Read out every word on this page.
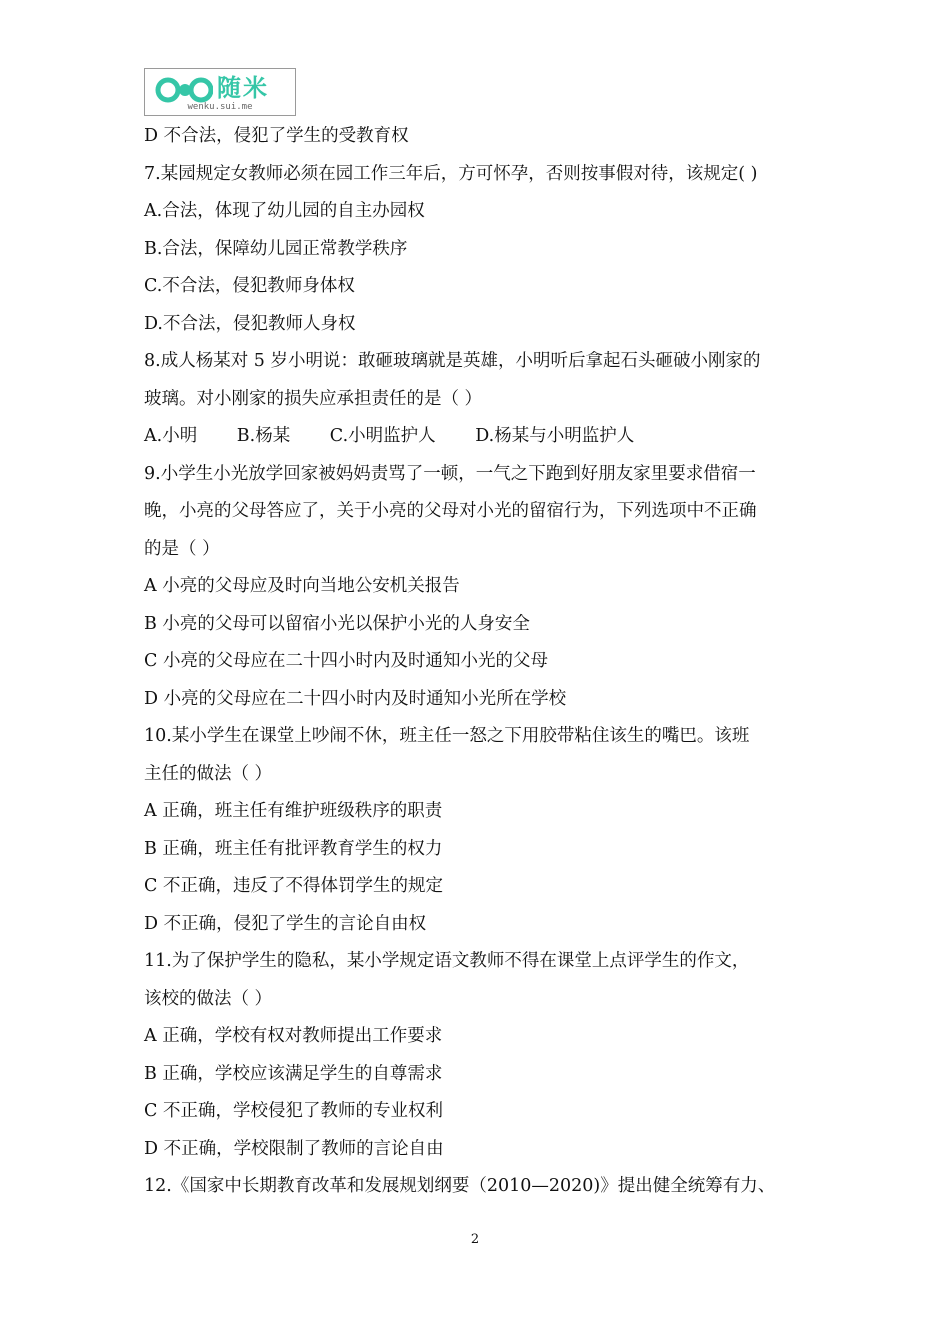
随米
wenku.sui.me
D 不合法，侵犯了学生的受教育权
7.某园规定女教师必须在园工作三年后，方可怀孕，否则按事假对待，该规定( )
A.合法，体现了幼儿园的自主办园权
B.合法，保障幼儿园正常教学秩序
C.不合法，侵犯教师身体权
D.不合法，侵犯教师人身权
8.成人杨某对 5 岁小明说：敢砸玻璃就是英雄，小明听后拿起石头砸破小刚家的
玻璃。对小刚家的损失应承担责任的是（ ）
A.小明 B.杨某 C.小明监护人 D.杨某与小明监护人
9.小学生小光放学回家被妈妈责骂了一顿，一气之下跑到好朋友家里要求借宿一
晚，小亮的父母答应了，关于小亮的父母对小光的留宿行为，下列选项中不正确
的是（ ）
A 小亮的父母应及时向当地公安机关报告
B 小亮的父母可以留宿小光以保护小光的人身安全
C 小亮的父母应在二十四小时内及时通知小光的父母
D 小亮的父母应在二十四小时内及时通知小光所在学校
10.某小学生在课堂上吵闹不休，班主任一怒之下用胶带粘住该生的嘴巴。该班
主任的做法（ ）
A 正确，班主任有维护班级秩序的职责
B 正确，班主任有批评教育学生的权力
C 不正确，违反了不得体罚学生的规定
D 不正确，侵犯了学生的言论自由权
11.为了保护学生的隐私，某小学规定语文教师不得在课堂上点评学生的作文，
该校的做法（ ）
A 正确，学校有权对教师提出工作要求
B 正确，学校应该满足学生的自尊需求
C 不正确，学校侵犯了教师的专业权利
D 不正确，学校限制了教师的言论自由
12.《国家中长期教育改革和发展规划纲要（2010—2020)》提出健全统筹有力、
2
